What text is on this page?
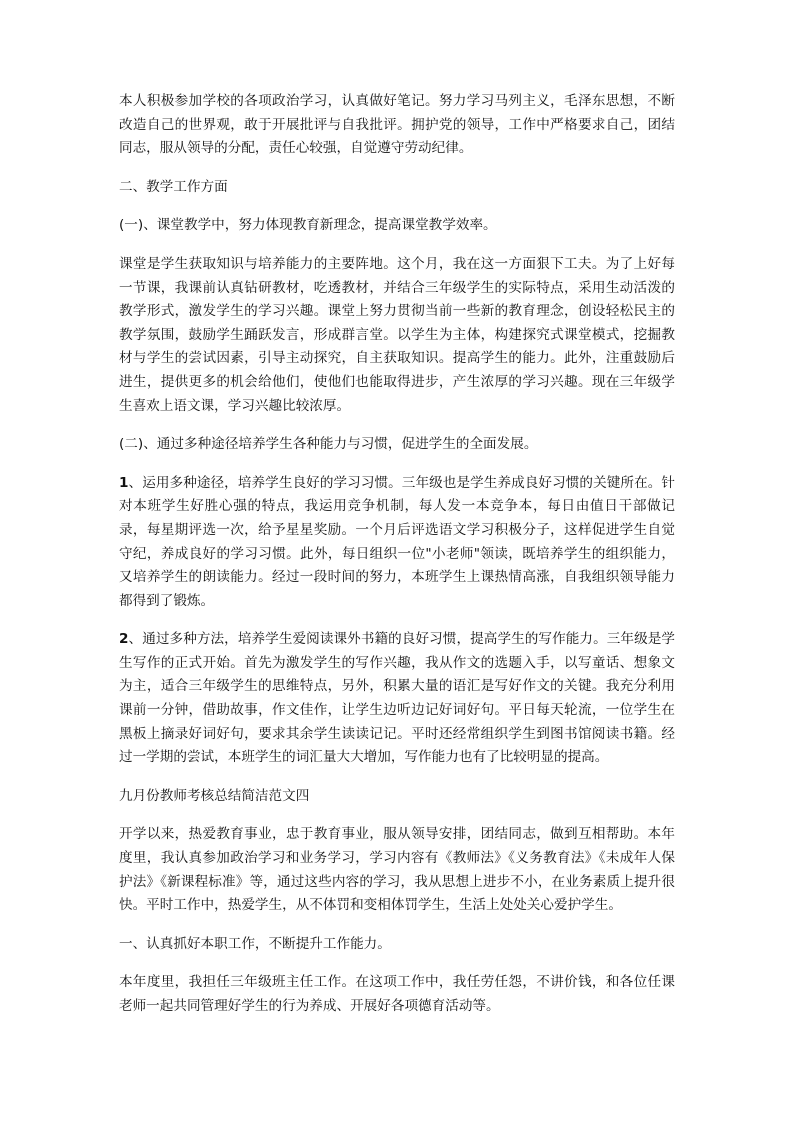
本人积极参加学校的各项政治学习，认真做好笔记。努力学习马列主义，毛泽东思想，不断改造自己的世界观，敢于开展批评与自我批评。拥护党的领导，工作中严格要求自己，团结同志，服从领导的分配，责任心较强，自觉遵守劳动纪律。

二、教学工作方面

(一)、课堂教学中，努力体现教育新理念，提高课堂教学效率。

课堂是学生获取知识与培养能力的主要阵地。这个月，我在这一方面狠下工夫。为了上好每一节课，我课前认真钻研教材，吃透教材，并结合三年级学生的实际特点，采用生动活泼的教学形式，激发学生的学习兴趣。课堂上努力贯彻当前一些新的教育理念，创设轻松民主的教学氛围，鼓励学生踊跃发言，形成群言堂。以学生为主体，构建探究式课堂模式，挖掘教材与学生的尝试因素，引导主动探究，自主获取知识。提高学生的能力。此外，注重鼓励后进生，提供更多的机会给他们，使他们也能取得进步，产生浓厚的学习兴趣。现在三年级学生喜欢上语文课，学习兴趣比较浓厚。

(二)、通过多种途径培养学生各种能力与习惯，促进学生的全面发展。

1、运用多种途径，培养学生良好的学习习惯。三年级也是学生养成良好习惯的关键所在。针对本班学生好胜心强的特点，我运用竞争机制，每人发一本竞争本，每日由值日干部做记录，每星期评选一次，给予星星奖励。一个月后评选语文学习积极分子，这样促进学生自觉守纪，养成良好的学习习惯。此外，每日组织一位"小老师"领读，既培养学生的组织能力，又培养学生的朗读能力。经过一段时间的努力，本班学生上课热情高涨，自我组织领导能力都得到了锻炼。

2、通过多种方法，培养学生爱阅读课外书籍的良好习惯，提高学生的写作能力。三年级是学生写作的正式开始。首先为激发学生的写作兴趣，我从作文的选题入手，以写童话、想象文为主，适合三年级学生的思维特点，另外，积累大量的语汇是写好作文的关键。我充分利用课前一分钟，借助故事，作文佳作，让学生边听边记好词好句。平日每天轮流，一位学生在黑板上摘录好词好句，要求其余学生读读记记。平时还经常组织学生到图书馆阅读书籍。经过一学期的尝试，本班学生的词汇量大大增加，写作能力也有了比较明显的提高。

九月份教师考核总结简洁范文四

开学以来，热爱教育事业，忠于教育事业，服从领导安排，团结同志，做到互相帮助。本年度里，我认真参加政治学习和业务学习，学习内容有《教师法》《义务教育法》《未成年人保护法》《新课程标准》等，通过这些内容的学习，我从思想上进步不小，在业务素质上提升很快。平时工作中，热爱学生，从不体罚和变相体罚学生，生活上处处关心爱护学生。

一、认真抓好本职工作，不断提升工作能力。

本年度里，我担任三年级班主任工作。在这项工作中，我任劳任怨，不讲价钱，和各位任课老师一起共同管理好学生的行为养成、开展好各项德育活动等。
